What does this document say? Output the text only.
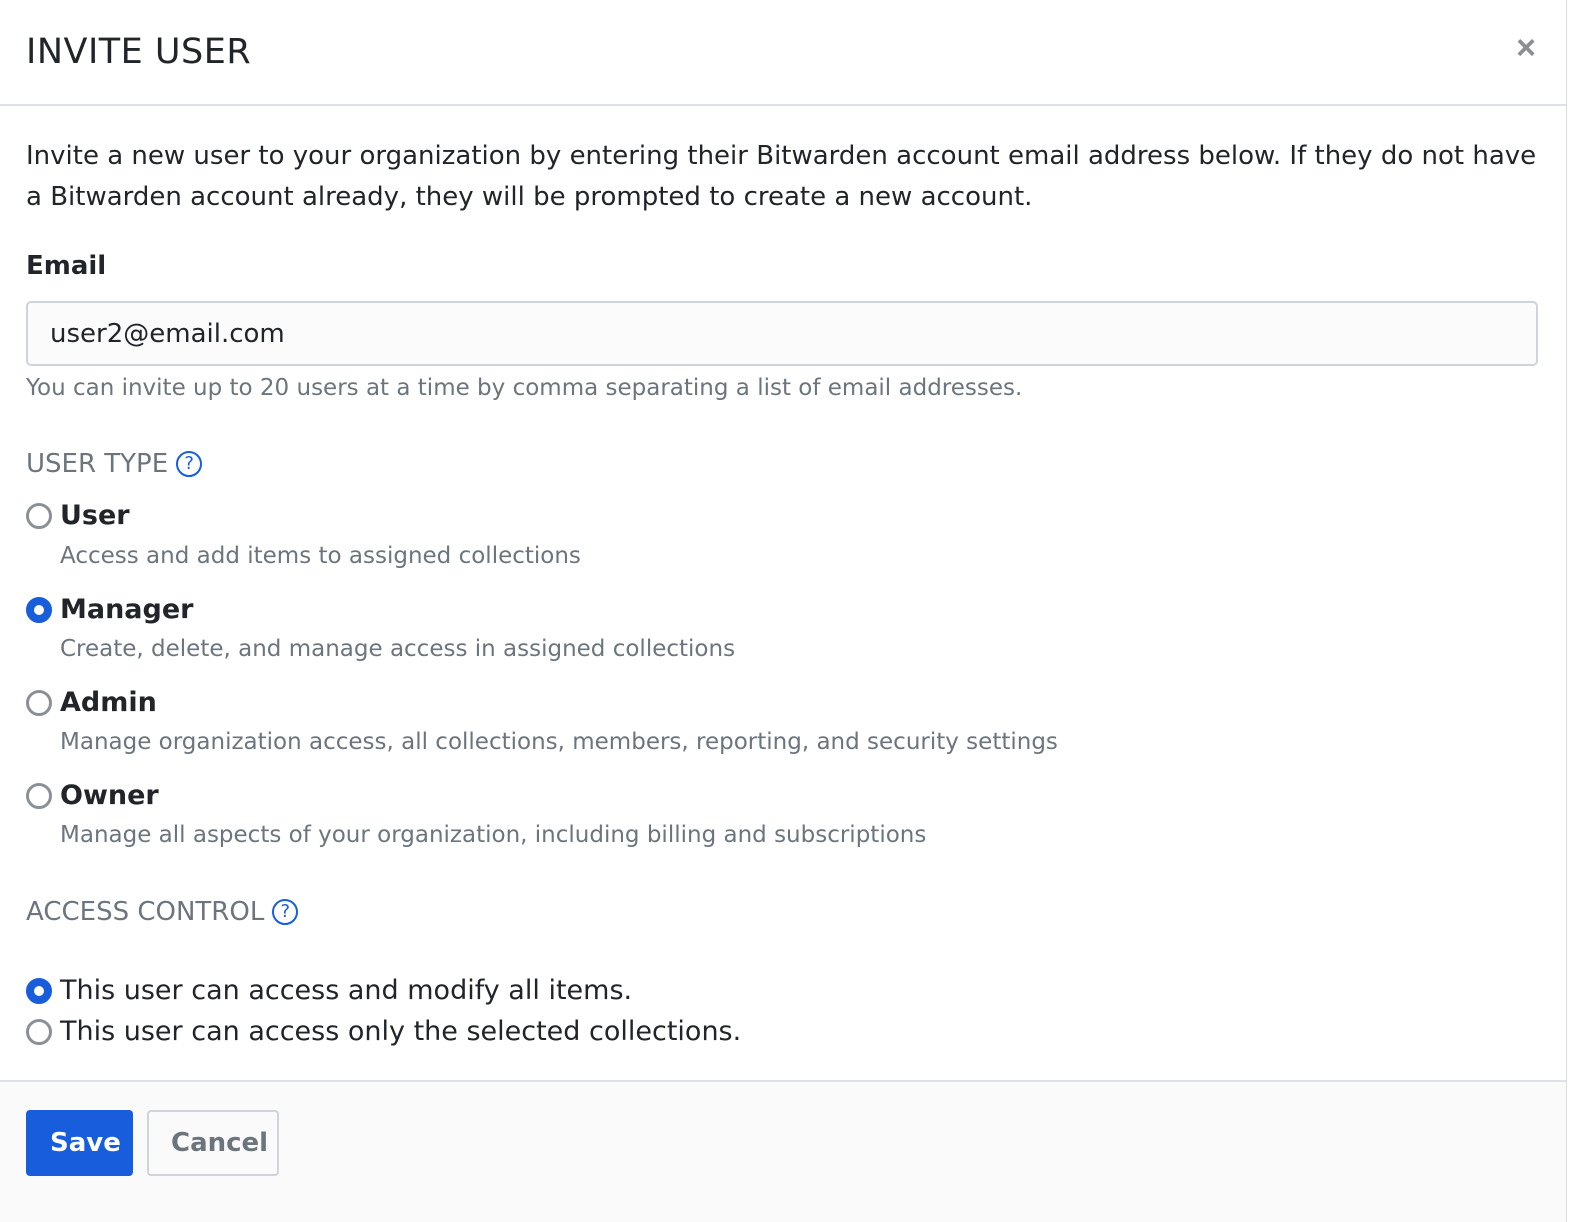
INVITE USER	×

Invite a new user to your organization by entering their Bitwarden account email address below. If they do not have a Bitwarden account already, they will be prompted to create a new account.

Email
user2@email.com
You can invite up to 20 users at a time by comma separating a list of email addresses.
USER TYPE ?
User
Access and add items to assigned collections
Manager
Create, delete, and manage access in assigned collections
Admin
Manage organization access, all collections, members, reporting, and security settings
Owner
Manage all aspects of your organization, including billing and subscriptions
ACCESS CONTROL ?
This user can access and modify all items.
This user can access only the selected collections.
Save	Cancel
